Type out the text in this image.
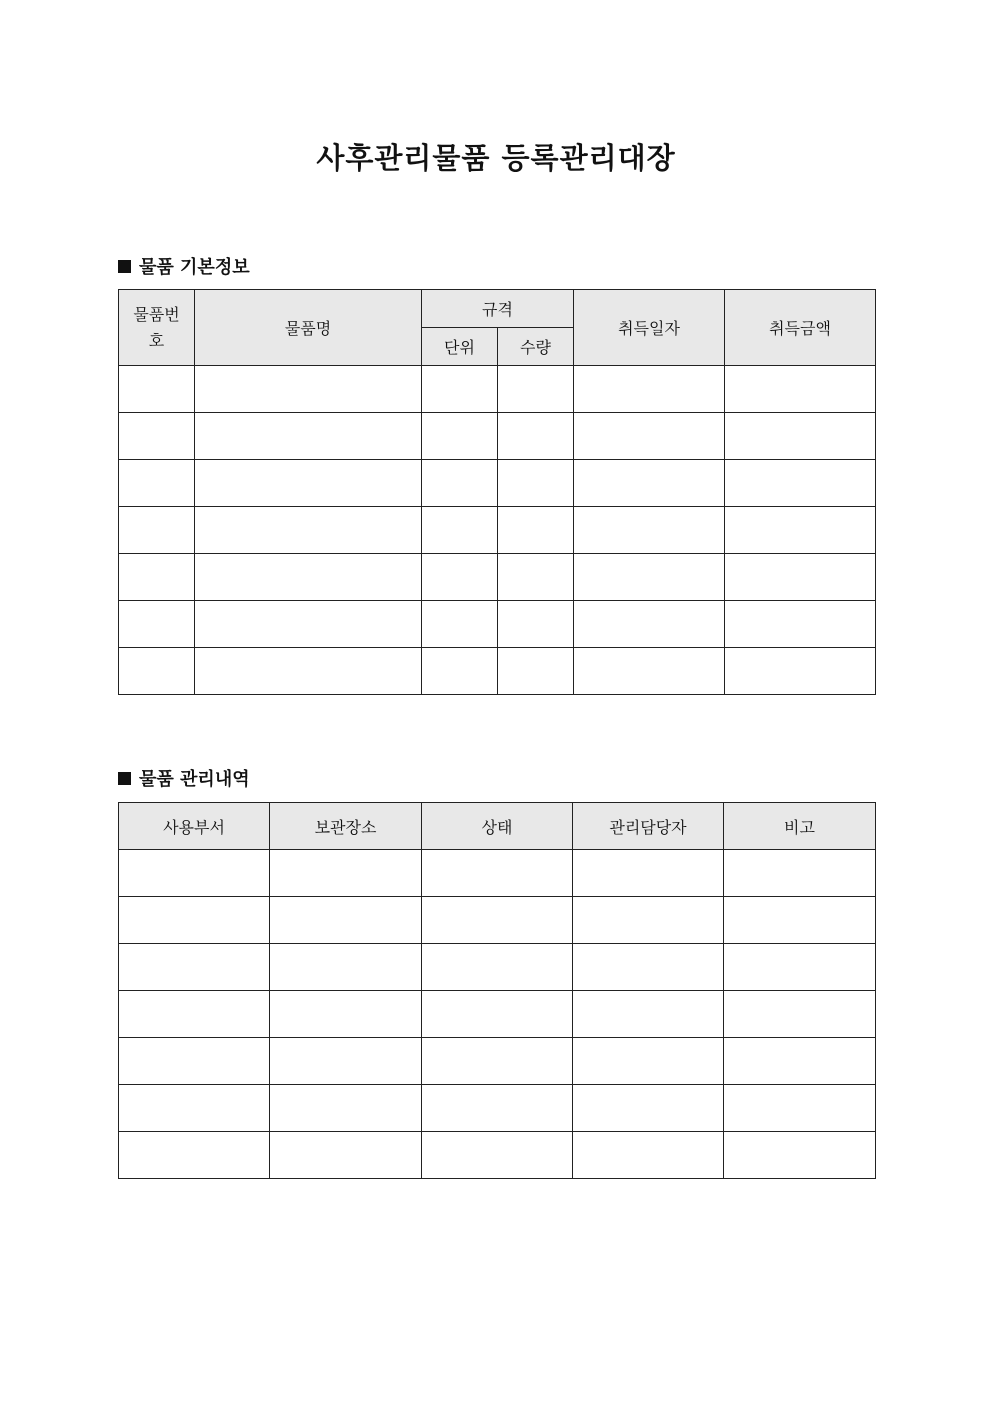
사후관리물품 등록관리대장
물품 기본정보
물품번호	물품명	규격		취득일자	취득금액
		단위	수량		

물품 관리내역
사용부서	보관장소	상태	관리담당자	비고
